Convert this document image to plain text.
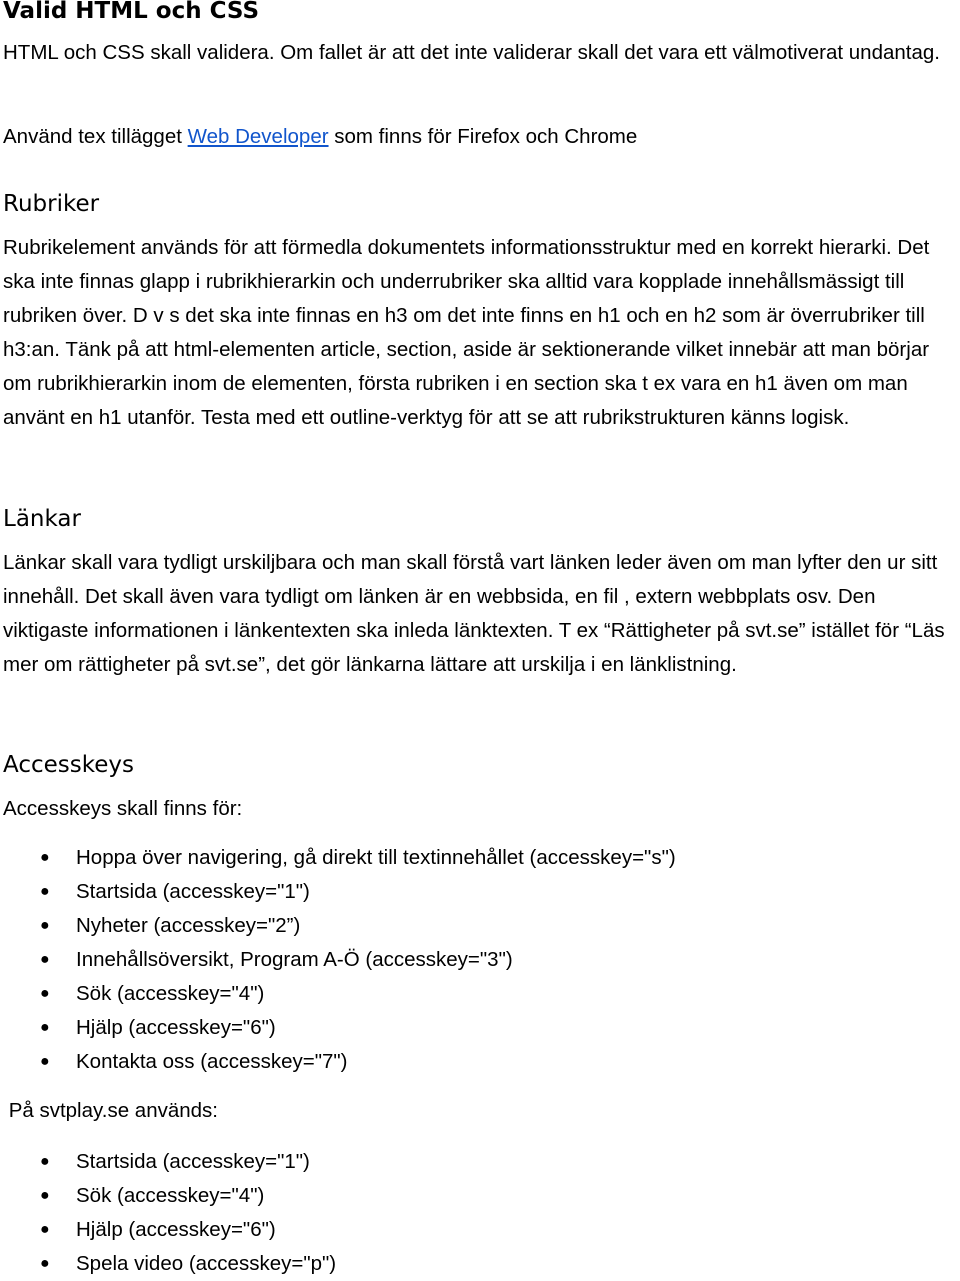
Valid HTML och CSS

HTML och CSS skall validera. Om fallet är att det inte validerar skall det vara ett välmotiverat undantag.

Använd tex tillägget Web Developer som finns för Firefox och Chrome

Rubriker

Rubrikelement används för att förmedla dokumentets informationsstruktur med en korrekt hierarki. Det ska inte finnas glapp i rubrikhierarkin och underrubriker ska alltid vara kopplade innehållsmässigt till rubriken över. D v s det ska inte finnas en h3 om det inte finns en h1 och en h2 som är överrubriker till h3:an. Tänk på att html-elementen article, section, aside är sektionerande vilket innebär att man börjar om rubrikhierarkin inom de elementen, första rubriken i en section ska t ex vara en h1 även om man använt en h1 utanför. Testa med ett outline-verktyg för att se att rubrikstrukturen känns logisk.

Länkar

Länkar skall vara tydligt urskiljbara och man skall förstå vart länken leder även om man lyfter den ur sitt innehåll. Det skall även vara tydligt om länken är en webbsida, en fil , extern webbplats osv. Den viktigaste informationen i länkentexten ska inleda länktexten. T ex “Rättigheter på svt.se” istället för “Läs mer om rättigheter på svt.se”, det gör länkarna lättare att urskilja i en länklistning.

Accesskeys

Accesskeys skall finns för:

● Hoppa över navigering, gå direkt till textinnehållet (accesskey="s")
● Startsida (accesskey="1")
● Nyheter (accesskey="2”)
● Innehållsöversikt, Program A-Ö (accesskey="3")
● Sök (accesskey="4")
● Hjälp (accesskey="6")
● Kontakta oss (accesskey="7")

På svtplay.se används:

● Startsida (accesskey="1")
● Sök (accesskey="4")
● Hjälp (accesskey="6")
● Spela video (accesskey="p")
